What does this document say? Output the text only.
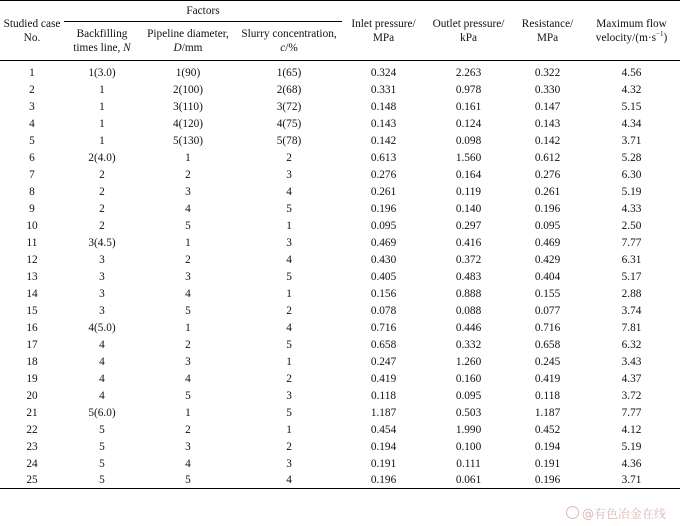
Studied case No.	Factors			Inlet pressure/ MPa	Outlet pressure/ kPa	Resistance/ MPa	Maximum flow velocity/$(m\cdot s^{-1})$
	Backfilling times line, N	Pipeline diameter, D/mm	Slurry concentration, c/%				
1	1(3.0)	1(90)	1(65)	0.324	2.263	0.322	4.56
2	1	2(100)	2(68)	0.331	0.978	0.330	4.32
3	1	3(110)	3(72)	0.148	0.161	0.147	5.15
4	1	4(120)	4(75)	0.143	0.124	0.143	4.34
5	1	5(130)	5(78)	0.142	0.098	0.142	3.71
6	2(4.0)	1	2	0.613	1.560	0.612	5.28
7	2	2	3	0.276	0.164	0.276	6.30
8	2	3	4	0.261	0.119	0.261	5.19
9	2	4	5	0.196	0.140	0.196	4.33
10	2	5	1	0.095	0.297	0.095	2.50
11	3(4.5)	1	3	0.469	0.416	0.469	7.77
12	3	2	4	0.430	0.372	0.429	6.31
13	3	3	5	0.405	0.483	0.404	5.17
14	3	4	1	0.156	0.888	0.155	2.88
15	3	5	2	0.078	0.088	0.077	3.74
16	4(5.0)	1	4	0.716	0.446	0.716	7.81
17	4	2	5	0.658	0.332	0.658	6.32
18	4	3	1	0.247	1.260	0.245	3.43
19	4	4	2	0.419	0.160	0.419	4.37
20	4	5	3	0.118	0.095	0.118	3.72
21	5(6.0)	1	5	1.187	0.503	1.187	7.77
22	5	2	1	0.454	1.990	0.452	4.12
23	5	3	2	0.194	0.100	0.194	5.19
24	5	4	3	0.191	0.111	0.191	4.36
25	5	5	4	0.196	0.061	0.196	3.71
@有色冶金在线
